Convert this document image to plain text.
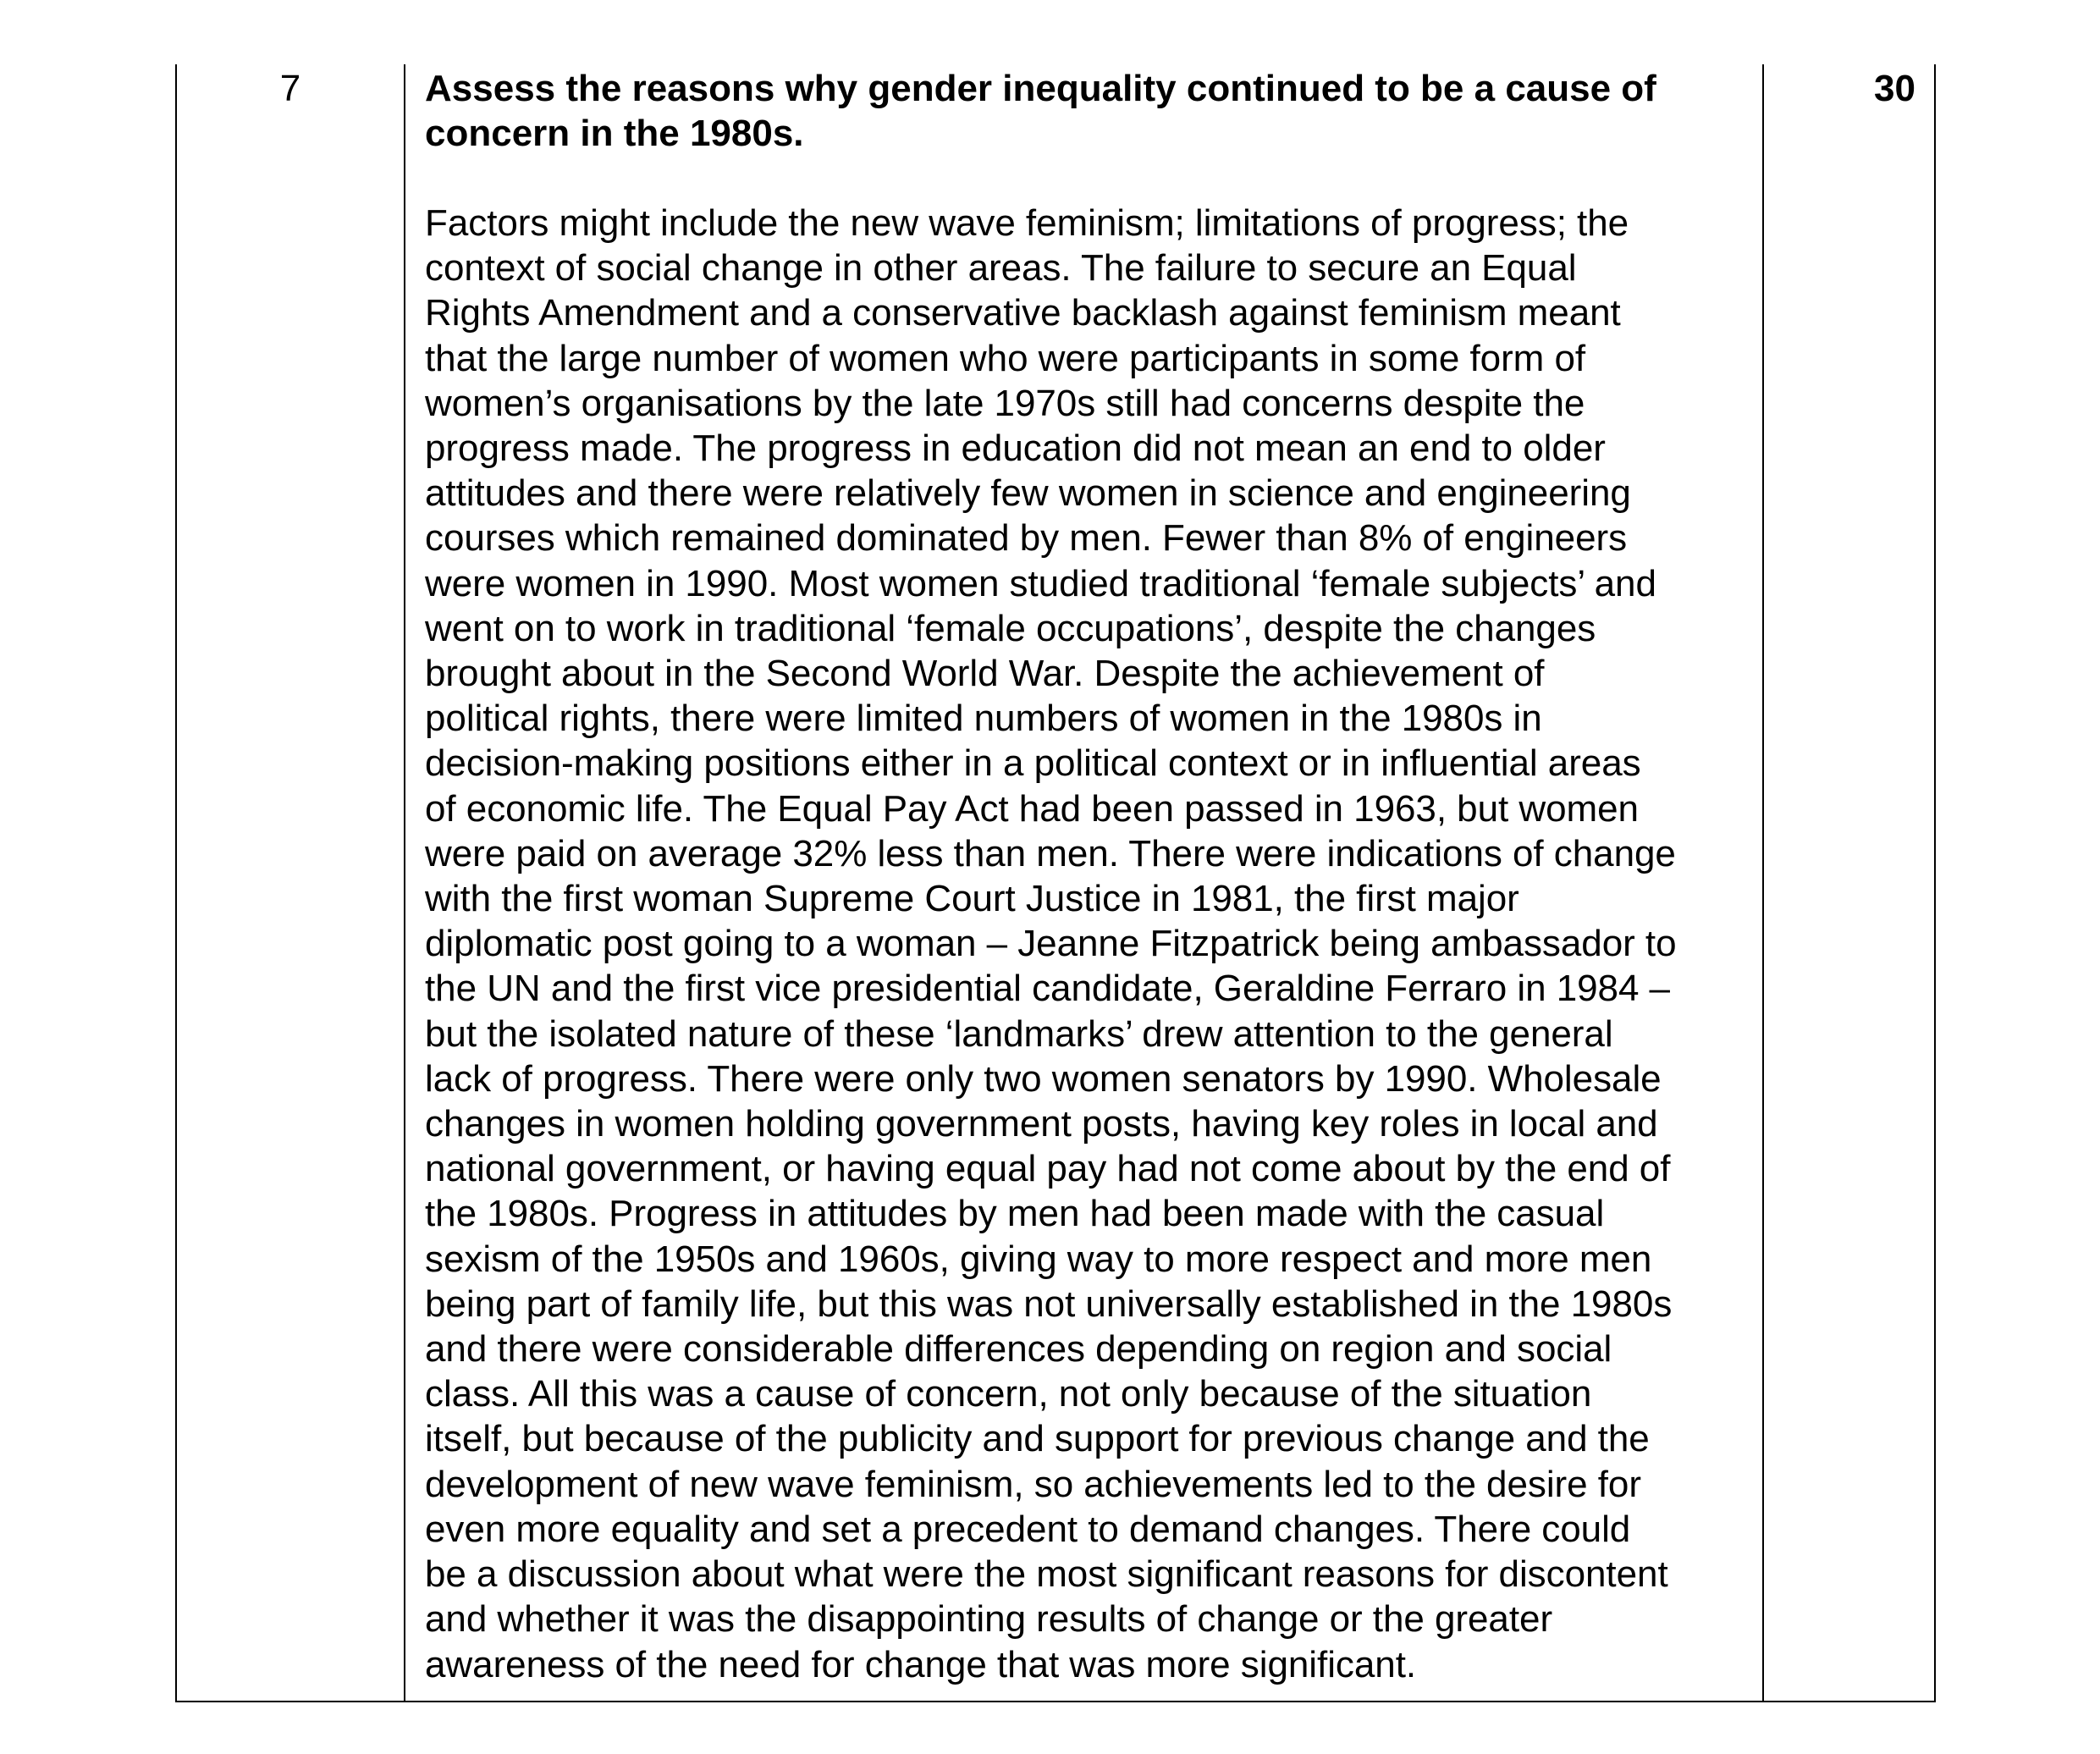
7	Assess the reasons why gender inequality continued to be a cause of concern in the 1980s.

Factors might include the new wave feminism; limitations of progress; the
context of social change in other areas. The failure to secure an Equal
Rights Amendment and a conservative backlash against feminism meant
that the large number of women who were participants in some form of
women’s organisations by the late 1970s still had concerns despite the
progress made. The progress in education did not mean an end to older
attitudes and there were relatively few women in science and engineering
courses which remained dominated by men. Fewer than 8% of engineers
were women in 1990. Most women studied traditional ‘female subjects’ and
went on to work in traditional ‘female occupations’, despite the changes
brought about in the Second World War. Despite the achievement of
political rights, there were limited numbers of women in the 1980s in
decision-making positions either in a political context or in influential areas
of economic life. The Equal Pay Act had been passed in 1963, but women
were paid on average 32% less than men. There were indications of change
with the first woman Supreme Court Justice in 1981, the first major
diplomatic post going to a woman – Jeanne Fitzpatrick being ambassador to
the UN and the first vice presidential candidate, Geraldine Ferraro in 1984 –
but the isolated nature of these ‘landmarks’ drew attention to the general
lack of progress. There were only two women senators by 1990. Wholesale
changes in women holding government posts, having key roles in local and
national government, or having equal pay had not come about by the end of
the 1980s. Progress in attitudes by men had been made with the casual
sexism of the 1950s and 1960s, giving way to more respect and more men
being part of family life, but this was not universally established in the 1980s
and there were considerable differences depending on region and social
class. All this was a cause of concern, not only because of the situation
itself, but because of the publicity and support for previous change and the
development of new wave feminism, so achievements led to the desire for
even more equality and set a precedent to demand changes. There could
be a discussion about what were the most significant reasons for discontent
and whether it was the disappointing results of change or the greater
awareness of the need for change that was more significant.
30
